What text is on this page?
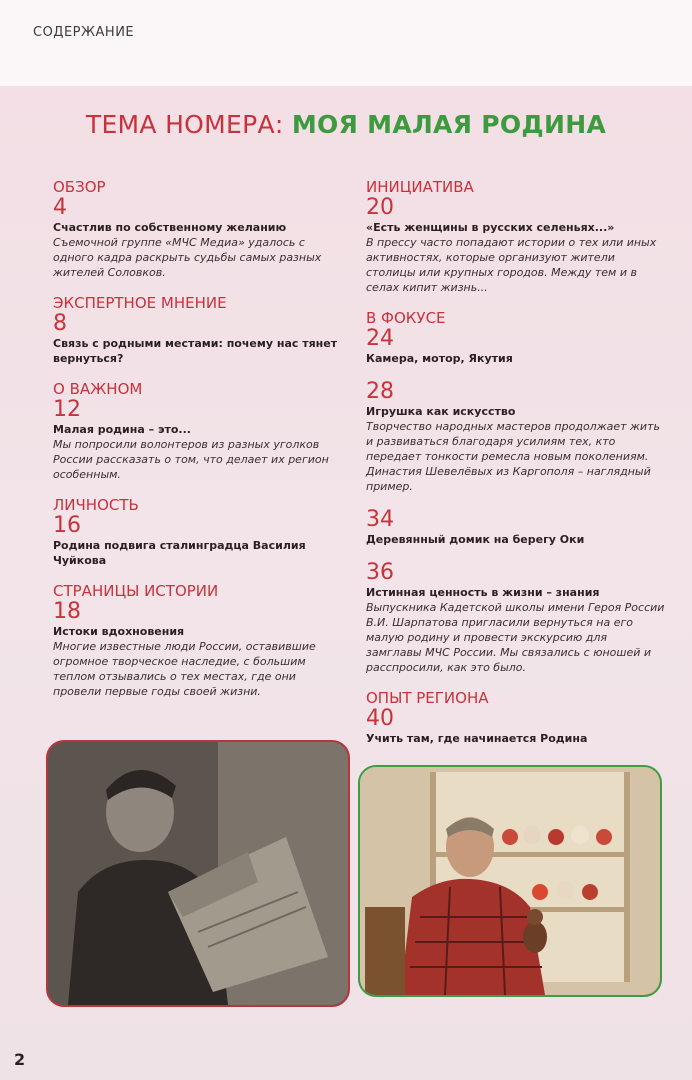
СОДЕРЖАНИЕ
ТЕМА НОМЕРА: МОЯ МАЛАЯ РОДИНА
ОБЗОР
4
Счастлив по собственному желанию
Съемочной группе «МЧС Медиа» удалось с одного кадра раскрыть судьбы самых разных жителей Соловков.
ЭКСПЕРТНОЕ МНЕНИЕ
8
Связь с родными местами: почему нас тянет вернуться?
О ВАЖНОМ
12
Малая родина – это...
Мы попросили волонтеров из разных уголков России рассказать о том, что делает их регион особенным.
ЛИЧНОСТЬ
16
Родина подвига сталинградца Василия Чуйкова
СТРАНИЦЫ ИСТОРИИ
18
Истоки вдохновения
Многие известные люди России, оставившие огромное творческое наследие, с большим теплом отзывались о тех местах, где они провели первые годы своей жизни.
ИНИЦИАТИВА
20
«Есть женщины в русских селеньях...»
В прессу часто попадают истории о тех или иных активностях, которые организуют жители столицы или крупных городов. Между тем и в селах кипит жизнь...
В ФОКУСЕ
24
Камера, мотор, Якутия
28
Игрушка как искусство
Творчество народных мастеров продолжает жить и развиваться благодаря усилиям тех, кто передает тонкости ремесла новым поколениям. Династия Шевелёвых из Каргополя – наглядный пример.
34
Деревянный домик на берегу Оки
36
Истинная ценность в жизни – знания
Выпускника Кадетской школы имени Героя России В.И. Шарпатова пригласили вернуться на его малую родину и провести экскурсию для замглавы МЧС России. Мы связались с юношей и расспросили, как это было.
ОПЫТ РЕГИОНА
40
Учить там, где начинается Родина
2
